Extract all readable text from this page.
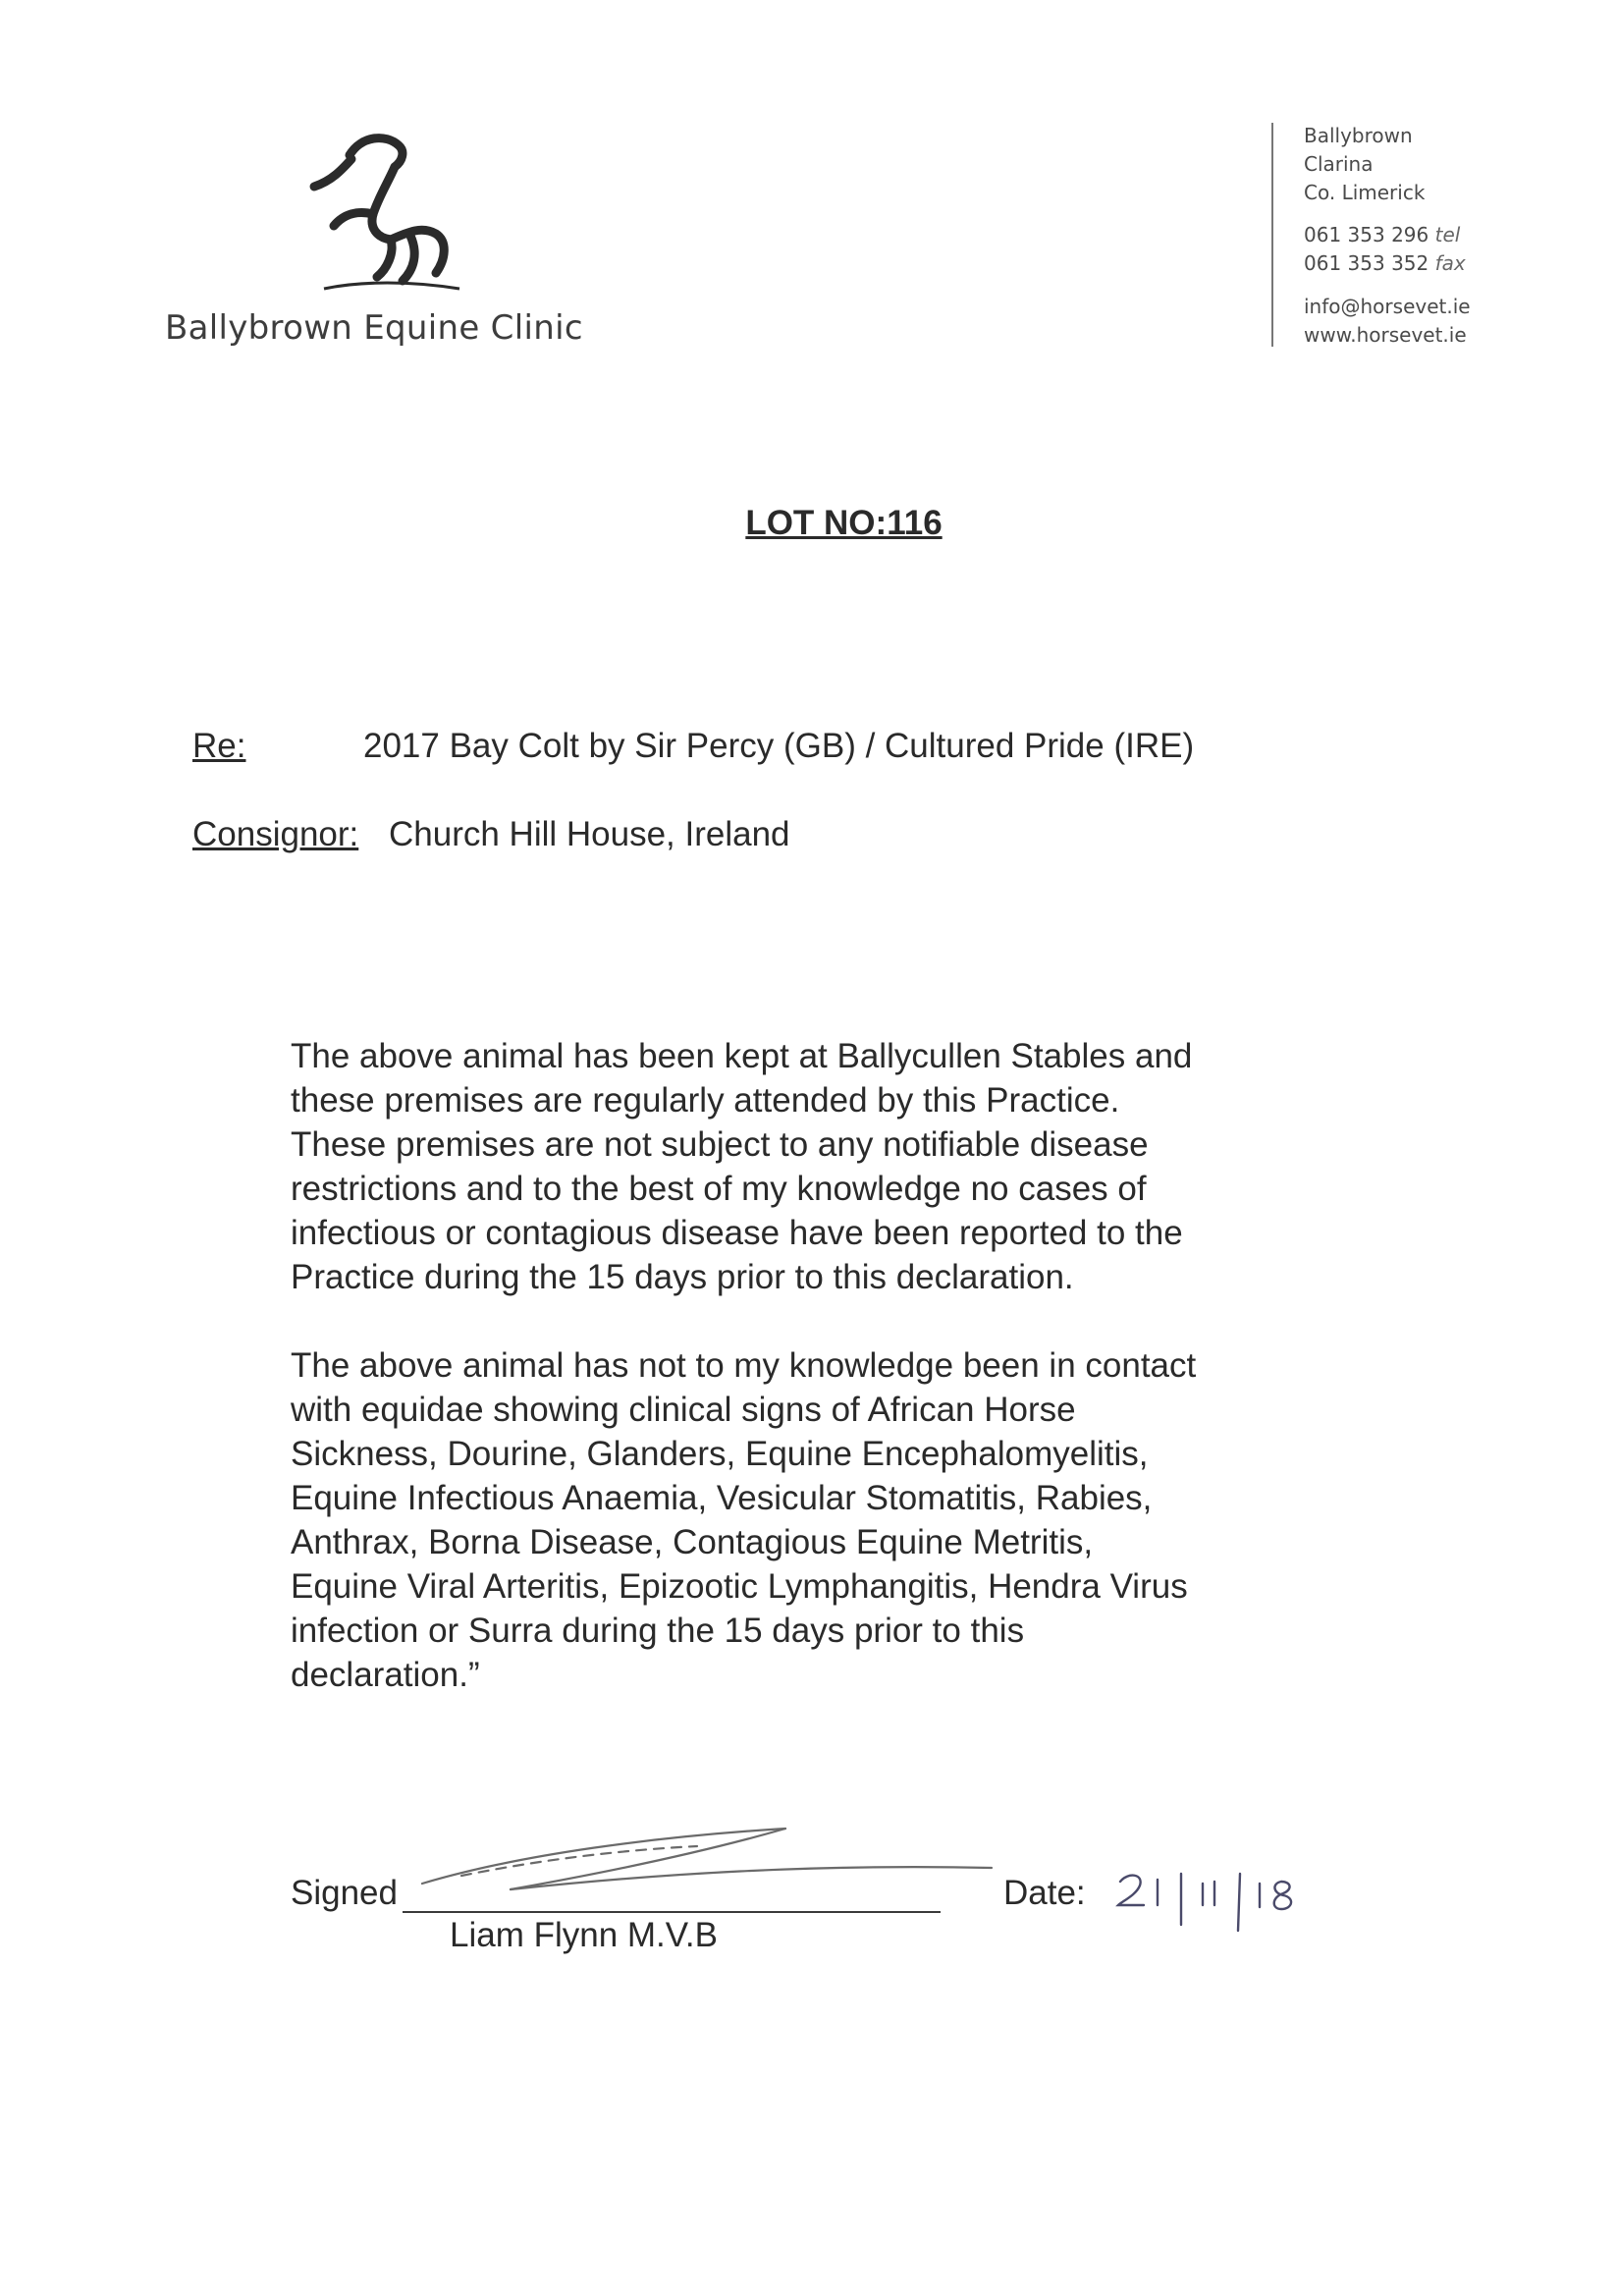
Ballybrown Equine Clinic
Ballybrown
Clarina
Co. Limerick
061 353 296 tel
061 353 352 fax
info@horsevet.ie
www.horsevet.ie
LOT NO:116
Re:	2017 Bay Colt by Sir Percy (GB) / Cultured Pride (IRE)
Consignor: Church Hill House, Ireland

The above animal has been kept at Ballycullen Stables and
these premises are regularly attended by this Practice.
These premises are not subject to any notifiable disease
restrictions and to the best of my knowledge no cases of
infectious or contagious disease have been reported to the
Practice during the 15 days prior to this declaration.

The above animal has not to my knowledge been in contact
with equidae showing clinical signs of African Horse
Sickness, Dourine, Glanders, Equine Encephalomyelitis,
Equine Infectious Anaemia, Vesicular Stomatitis, Rabies,
Anthrax, Borna Disease, Contagious Equine Metritis,
Equine Viral Arteritis, Epizootic Lymphangitis, Hendra Virus
infection or Surra during the 15 days prior to this
declaration.”

Signed	Date:
Liam Flynn M.V.B
